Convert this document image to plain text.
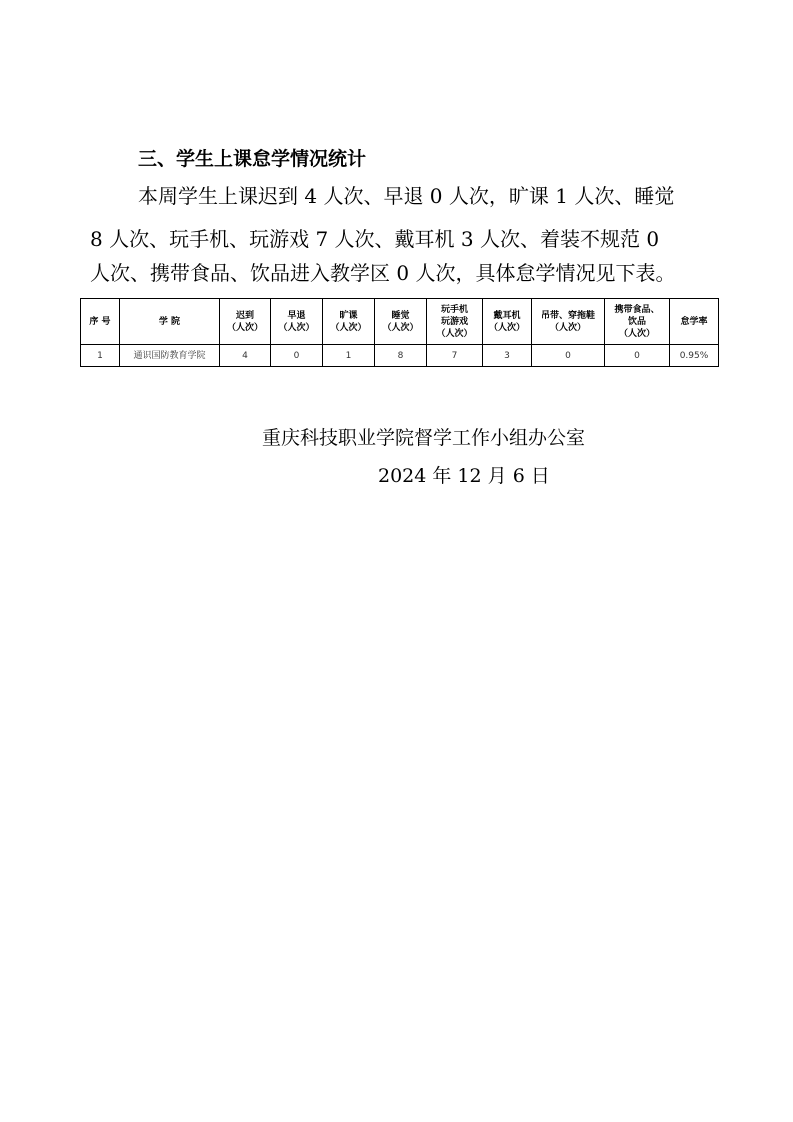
三、学生上课怠学情况统计
本周学生上课迟到 4 人次、早退 0 人次，旷课 1 人次、睡觉
8 人次、玩手机、玩游戏 7 人次、戴耳机 3 人次、着装不规范 0
人次、携带食品、饮品进入教学区 0 人次，具体怠学情况见下表。
序 号	学 院	迟到
（人次）	早退
（人次）	旷课
（人次）	睡觉
（人次）	玩手机
玩游戏
（人次）	戴耳机
（人次）	吊带、穿拖鞋
（人次）	携带食品、
饮品
（人次）	怠学率

1	通识国防教育学院	4	0	1	8	7	3	0	0	0.95%
重庆科技职业学院督学工作小组办公室
2024 年 12 月 6 日
